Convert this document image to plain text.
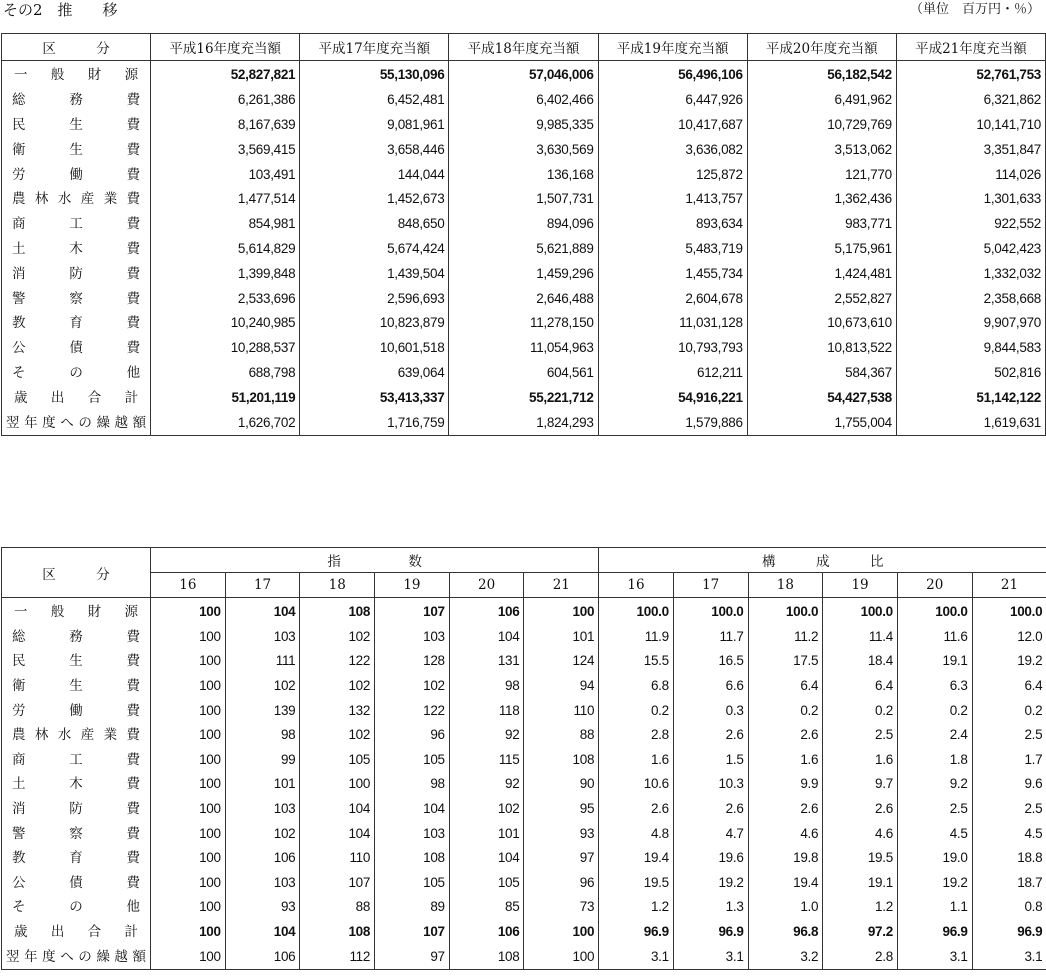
その2　推　　移	（単位　百万円・％）
区　　　分	平成16年度充当額	平成17年度充当額	平成18年度充当額	平成19年度充当額	平成20年度充当額	平成21年度充当額
一般財源	52,827,821	55,130,096	57,046,006	56,496,106	56,182,542	52,761,753
総務費	6,261,386	6,452,481	6,402,466	6,447,926	6,491,962	6,321,862
民生費	8,167,639	9,081,961	9,985,335	10,417,687	10,729,769	10,141,710
衛生費	3,569,415	3,658,446	3,630,569	3,636,082	3,513,062	3,351,847
労働費	103,491	144,044	136,168	125,872	121,770	114,026
農林水産業費	1,477,514	1,452,673	1,507,731	1,413,757	1,362,436	1,301,633
商工費	854,981	848,650	894,096	893,634	983,771	922,552
土木費	5,614,829	5,674,424	5,621,889	5,483,719	5,175,961	5,042,423
消防費	1,399,848	1,439,504	1,459,296	1,455,734	1,424,481	1,332,032
警察費	2,533,696	2,596,693	2,646,488	2,604,678	2,552,827	2,358,668
教育費	10,240,985	10,823,879	11,278,150	11,031,128	10,673,610	9,907,970
公債費	10,288,537	10,601,518	11,054,963	10,793,793	10,813,522	9,844,583
その他	688,798	639,064	604,561	612,211	584,367	502,816
歳出合計	51,201,119	53,413,337	55,221,712	54,916,221	54,427,538	51,142,122
翌年度への繰越額	1,626,702	1,716,759	1,824,293	1,579,886	1,755,004	1,619,631
区　　　分	指　　　　　数						構　　　成　　　比					
	16	17	18	19	20	21	16	17	18	19	20	21
一般財源	100	104	108	107	106	100	100.0	100.0	100.0	100.0	100.0	100.0
総務費	100	103	102	103	104	101	11.9	11.7	11.2	11.4	11.6	12.0
民生費	100	111	122	128	131	124	15.5	16.5	17.5	18.4	19.1	19.2
衛生費	100	102	102	102	98	94	6.8	6.6	6.4	6.4	6.3	6.4
労働費	100	139	132	122	118	110	0.2	0.3	0.2	0.2	0.2	0.2
農林水産業費	100	98	102	96	92	88	2.8	2.6	2.6	2.5	2.4	2.5
商工費	100	99	105	105	115	108	1.6	1.5	1.6	1.6	1.8	1.7
土木費	100	101	100	98	92	90	10.6	10.3	9.9	9.7	9.2	9.6
消防費	100	103	104	104	102	95	2.6	2.6	2.6	2.6	2.5	2.5
警察費	100	102	104	103	101	93	4.8	4.7	4.6	4.6	4.5	4.5
教育費	100	106	110	108	104	97	19.4	19.6	19.8	19.5	19.0	18.8
公債費	100	103	107	105	105	96	19.5	19.2	19.4	19.1	19.2	18.7
その他	100	93	88	89	85	73	1.2	1.3	1.0	1.2	1.1	0.8
歳出合計	100	104	108	107	106	100	96.9	96.9	96.8	97.2	96.9	96.9
翌年度への繰越額	100	106	112	97	108	100	3.1	3.1	3.2	2.8	3.1	3.1
